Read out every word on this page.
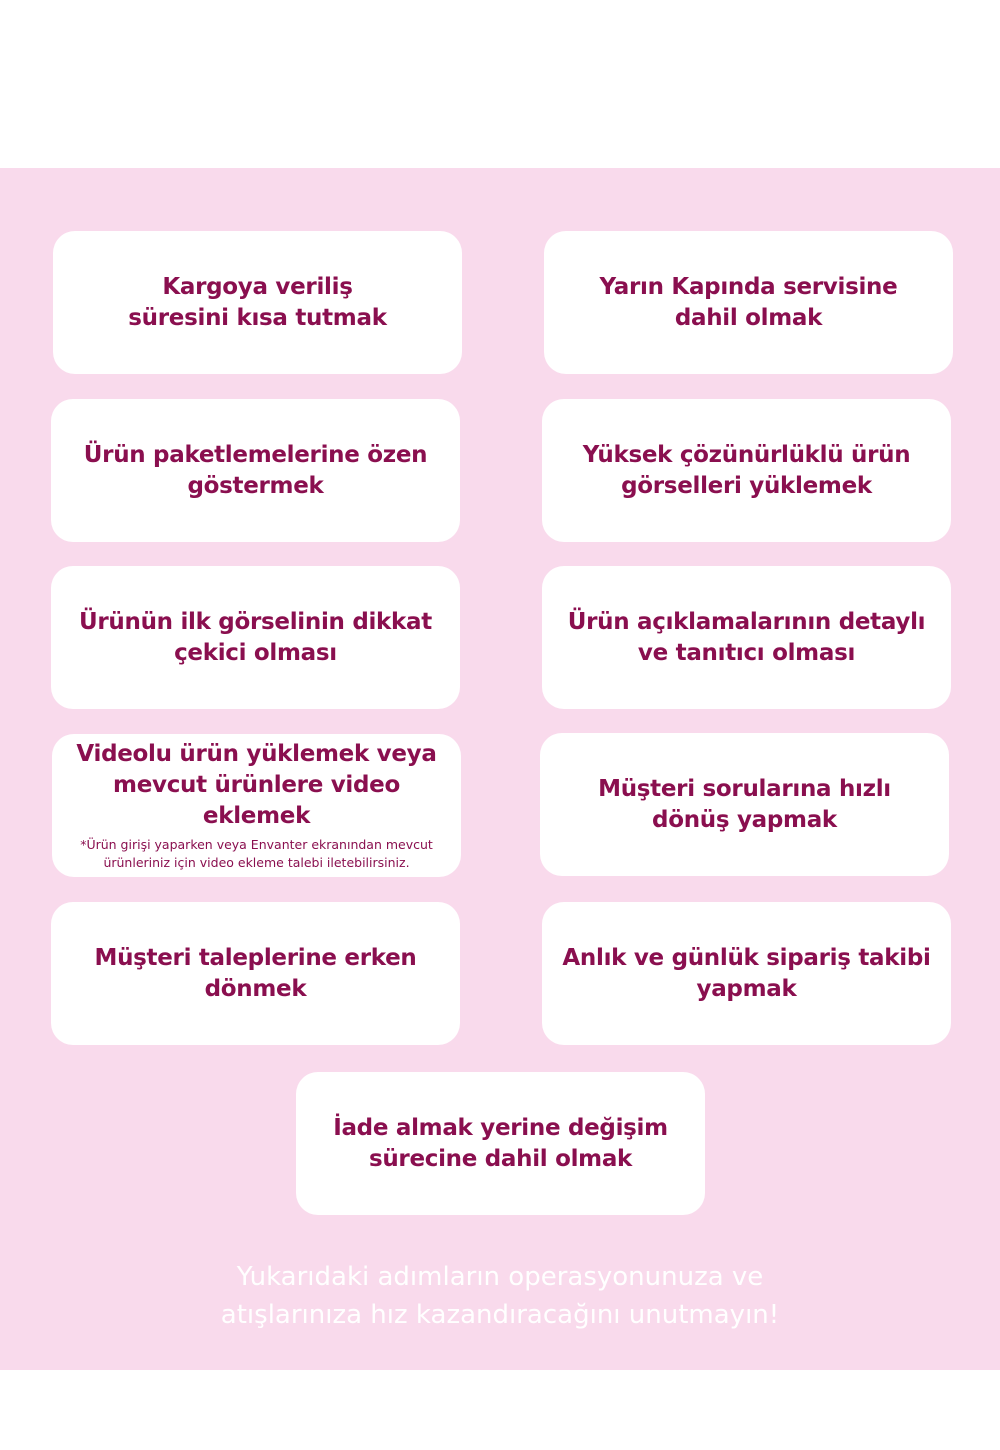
Kargoya veriliş
süresini kısa tutmak
Yarın Kapında servisine
dahil olmak
Ürün paketlemelerine özen
göstermek
Yüksek çözünürlüklü ürün
görselleri yüklemek
Ürünün ilk görselinin dikkat
çekici olması
Ürün açıklamalarının detaylı
ve tanıtıcı olması
Videolu ürün yüklemek veya
mevcut ürünlere video eklemek
*Ürün girişi yaparken veya Envanter ekranından mevcut
ürünleriniz için video ekleme talebi iletebilirsiniz.
Müşteri sorularına hızlı
dönüş yapmak
Müşteri taleplerine erken
dönmek
Anlık ve günlük sipariş takibi
yapmak
İade almak yerine değişim
sürecine dahil olmak
Yukarıdaki adımların operasyonunuza ve
atışlarınıza hız kazandıracağını unutmayın!
